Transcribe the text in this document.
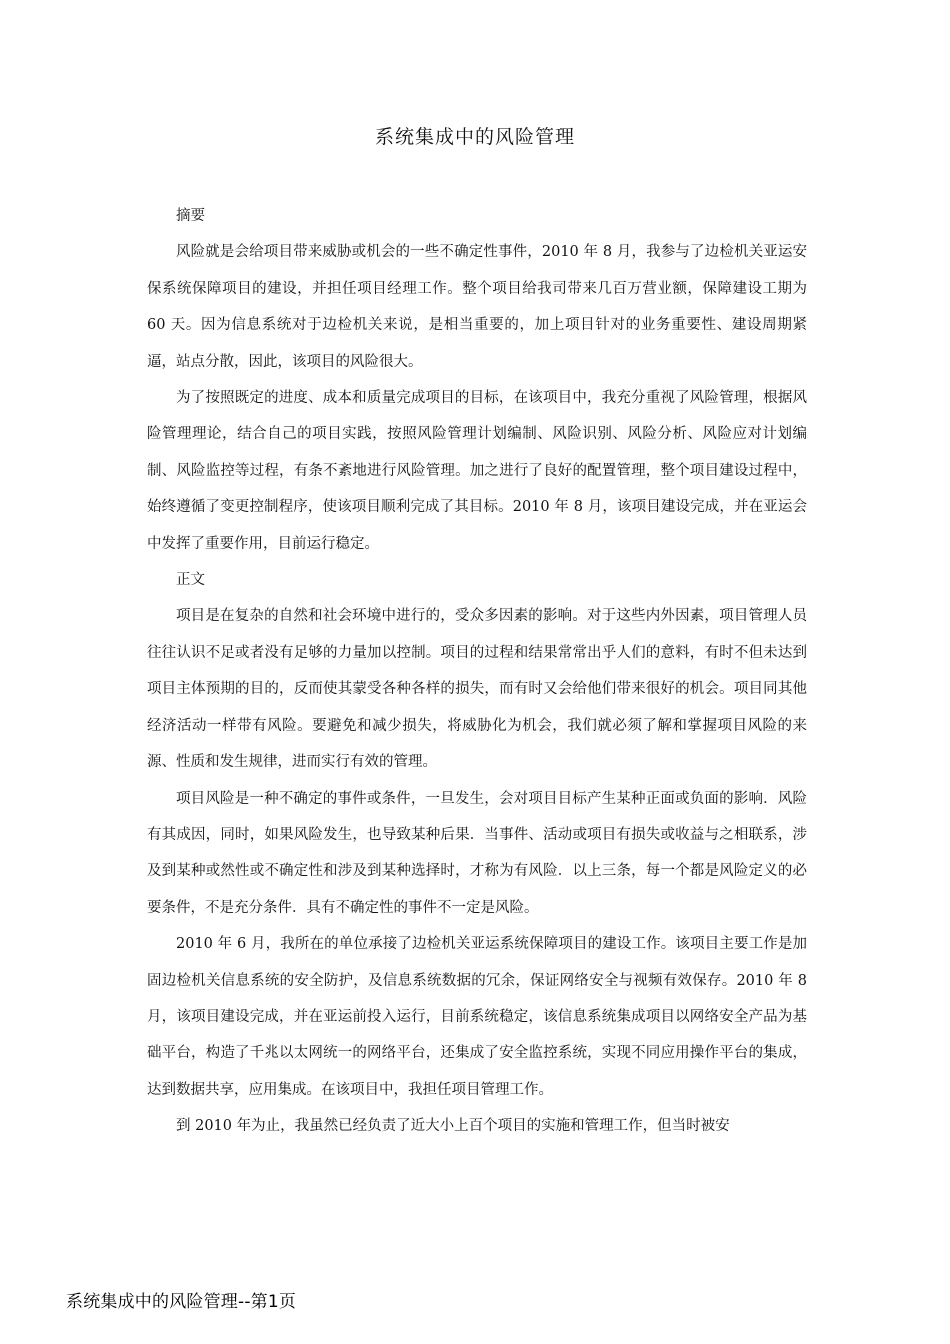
系统集成中的风险管理

摘要

风险就是会给项目带来威胁或机会的一些不确定性事件，2010 年 8 月，我参与了边检机关亚运安保系统保障项目的建设，并担任项目经理工作。整个项目给我司带来几百万营业额，保障建设工期为 60 天。因为信息系统对于边检机关来说，是相当重要的，加上项目针对的业务重要性、建设周期紧逼，站点分散，因此，该项目的风险很大。

为了按照既定的进度、成本和质量完成项目的目标，在该项目中，我充分重视了风险管理，根据风险管理理论，结合自己的项目实践，按照风险管理计划编制、风险识别、风险分析、风险应对计划编制、风险监控等过程，有条不紊地进行风险管理。加之进行了良好的配置管理，整个项目建设过程中，始终遵循了变更控制程序，使该项目顺利完成了其目标。2010 年 8 月，该项目建设完成，并在亚运会中发挥了重要作用，目前运行稳定。

正文

项目是在复杂的自然和社会环境中进行的，受众多因素的影响。对于这些内外因素，项目管理人员往往认识不足或者没有足够的力量加以控制。项目的过程和结果常常出乎人们的意料，有时不但未达到项目主体预期的目的，反而使其蒙受各种各样的损失，而有时又会给他们带来很好的机会。项目同其他经济活动一样带有风险。要避免和减少损失，将威胁化为机会，我们就必须了解和掌握项目风险的来源、性质和发生规律，进而实行有效的管理。

项目风险是一种不确定的事件或条件，一旦发生，会对项目目标产生某种正面或负面的影响．风险有其成因，同时，如果风险发生，也导致某种后果．当事件、活动或项目有损失或收益与之相联系，涉及到某种或然性或不确定性和涉及到某种选择时，才称为有风险．以上三条，每一个都是风险定义的必要条件，不是充分条件．具有不确定性的事件不一定是风险。

2010 年 6 月，我所在的单位承接了边检机关亚运系统保障项目的建设工作。该项目主要工作是加固边检机关信息系统的安全防护，及信息系统数据的冗余，保证网络安全与视频有效保存。2010 年 8 月，该项目建设完成，并在亚运前投入运行，目前系统稳定，该信息系统集成项目以网络安全产品为基础平台，构造了千兆以太网统一的网络平台，还集成了安全监控系统，实现不同应用操作平台的集成，达到数据共享，应用集成。在该项目中，我担任项目管理工作。

到 2010 年为止，我虽然已经负责了近大小上百个项目的实施和管理工作，但当时被安

系统集成中的风险管理--第1页
